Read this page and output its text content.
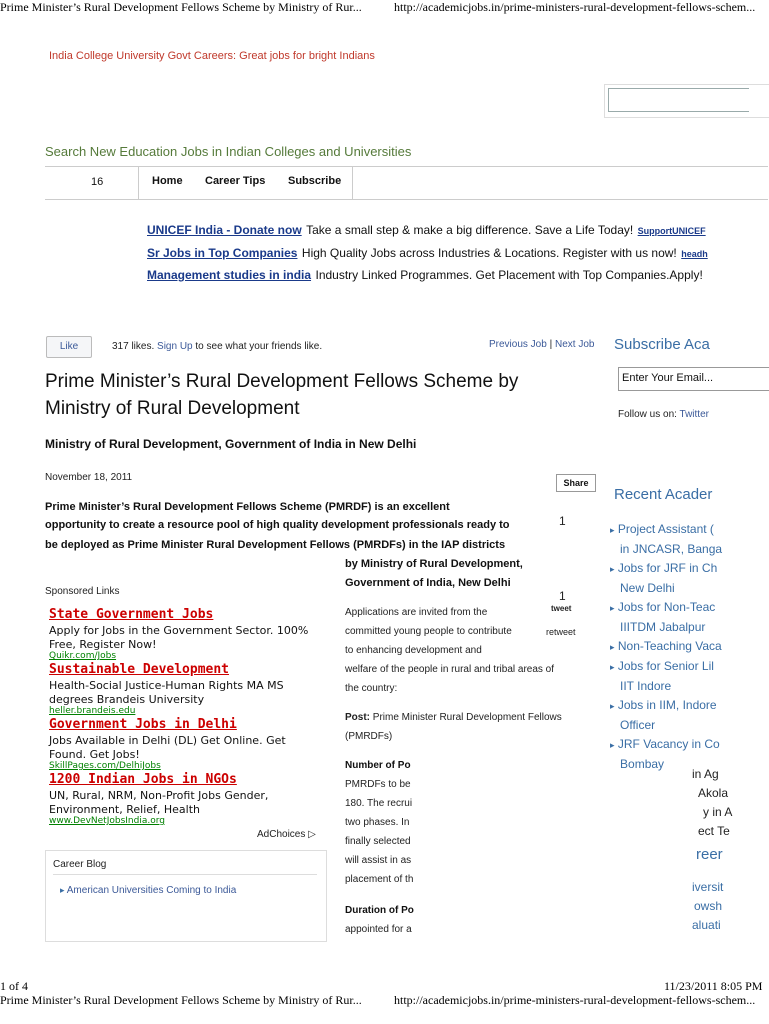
Prime Minister’s Rural Development Fellows Scheme by Ministry of Rur...	http://academicjobs.in/prime-ministers-rural-development-fellows-schem...
India College University Govt Careers: Great jobs for bright Indians
Search New Education Jobs in Indian Colleges and Universities
16	Home Career Tips Subscribe
UNICEF India - Donate now Take a small step & make a big difference. Save a Life Today! SupportUNICEF
Sr Jobs in Top Companies High Quality Jobs across Industries & Locations. Register with us now! headh
Management studies in india Industry Linked Programmes. Get Placement with Top Companies.Apply!
Like	317 likes. Sign Up to see what your friends like.	Previous Job | Next Job
Prime Minister’s Rural Development Fellows Scheme by
Ministry of Rural Development
Ministry of Rural Development, Government of India in New Delhi
November 18, 2011	Share
1
Prime Minister’s Rural Development Fellows Scheme (PMRDF) is an excellent
opportunity to create a resource pool of high quality development professionals ready to
be deployed as Prime Minister Rural Development Fellows (PMRDFs) in the IAP districts
by Ministry of Rural Development,
Government of India, New Delhi
1
tweet
retweet
Applications are invited from the
committed young people to contribute
to enhancing development and
welfare of the people in rural and tribal areas of
the country:
Post: Prime Minister Rural Development Fellows
(PMRDFs)
Number of Po
PMRDFs to be
180. The recrui
two phases. In
finally selected
will assist in as
placement of th
Duration of Po
appointed for a
Sponsored Links
State Government Jobs
Apply for Jobs in the Government Sector. 100%
Free, Register Now!
Quikr.com/Jobs
Sustainable Development
Health-Social Justice-Human Rights MA MS
degrees Brandeis University
heller.brandeis.edu
Government Jobs in Delhi
Jobs Available in Delhi (DL) Get Online. Get
Found. Get Jobs!
SkillPages.com/DelhiJobs
1200 Indian Jobs in NGOs
UN, Rural, NRM, Non-Profit Jobs Gender,
Environment, Relief, Health
www.DevNetJobsIndia.org
AdChoices ▷
Career Blog
▸ American Universities Coming to India
Subscribe Aca
Enter Your Email...
Follow us on: Twitter
Recent Acader
▸ Project Assistant (
in JNCASR, Banga
▸ Jobs for JRF in Ch
New Delhi
▸ Jobs for Non-Teac
IIITDM Jabalpur
▸ Non-Teaching Vaca
▸ Jobs for Senior Lil
IIT Indore
▸ Jobs in IIM, Indore
Officer
▸ JRF Vacancy in Co
Bombay
in Ag
Akola
y in A
ect Te
reer
iversit
owsh
aluati
1 of 4	11/23/2011 8:05 PM
Prime Minister’s Rural Development Fellows Scheme by Ministry of Rur...	http://academicjobs.in/prime-ministers-rural-development-fellows-schem...
